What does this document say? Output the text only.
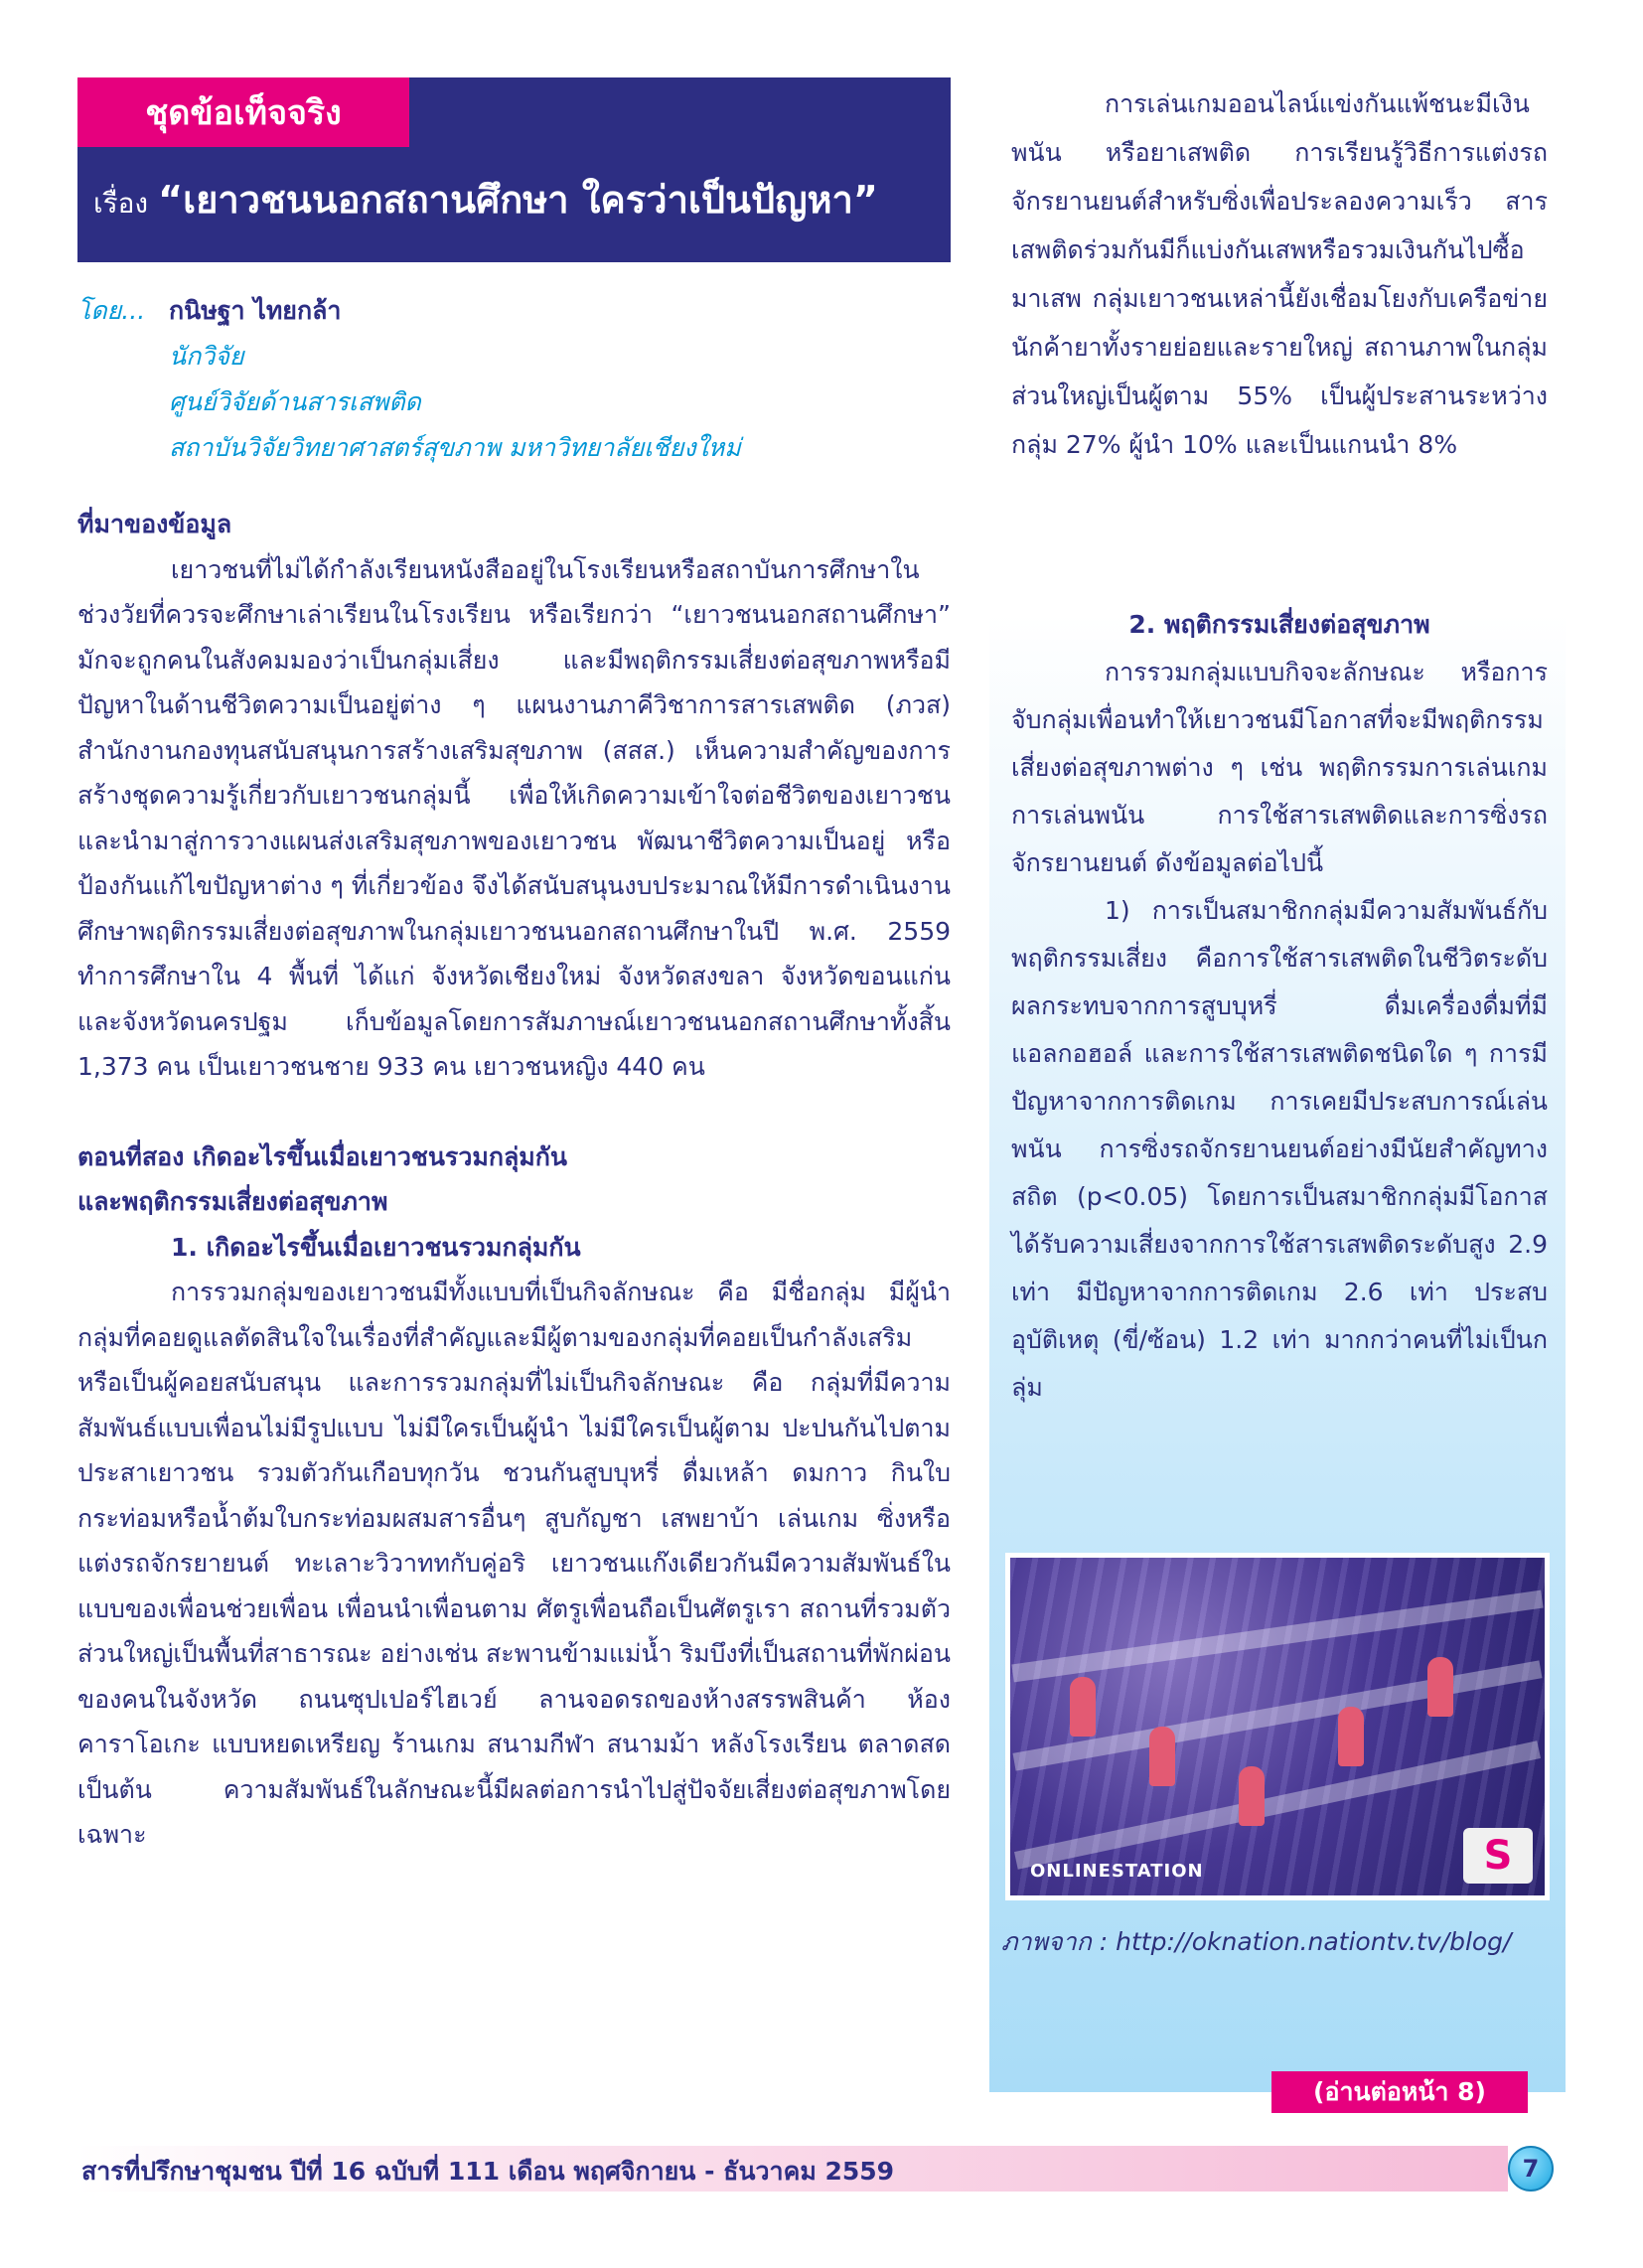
ชุดข้อเท็จจริง
เรื่อง “เยาวชนนอกสถานศึกษา ใครว่าเป็นปัญหา”
โดย... กนิษฐา ไทยกล้า
นักวิจัย
ศูนย์วิจัยด้านสารเสพติด
สถาบันวิจัยวิทยาศาสตร์สุขภาพ มหาวิทยาลัยเชียงใหม่

ที่มาของข้อมูล

เยาวชนที่ไม่ได้กำลังเรียนหนังสืออยู่ในโรงเรียนหรือสถาบันการศึกษาในช่วงวัยที่ควรจะศึกษาเล่าเรียนในโรงเรียน หรือเรียกว่า “เยาวชนนอกสถานศึกษา” มักจะถูกคนในสังคมมองว่าเป็นกลุ่มเสี่ยง และมีพฤติกรรมเสี่ยงต่อสุขภาพหรือมีปัญหาในด้านชีวิตความเป็นอยู่ต่าง ๆ แผนงานภาคีวิชาการสารเสพติด (ภวส) สำนักงานกองทุนสนับสนุนการสร้างเสริมสุขภาพ (สสส.) เห็นความสำคัญของการสร้างชุดความรู้เกี่ยวกับเยาวชนกลุ่มนี้ เพื่อให้เกิดความเข้าใจต่อชีวิตของเยาวชน และนำมาสู่การวางแผนส่งเสริมสุขภาพของเยาวชน พัฒนาชีวิตความเป็นอยู่ หรือป้องกันแก้ไขปัญหาต่าง ๆ ที่เกี่ยวข้อง จึงได้สนับสนุนงบประมาณให้มีการดำเนินงานศึกษาพฤติกรรมเสี่ยงต่อสุขภาพในกลุ่มเยาวชนนอกสถานศึกษาในปี พ.ศ. 2559 ทำการศึกษาใน 4 พื้นที่ ได้แก่ จังหวัดเชียงใหม่ จังหวัดสงขลา จังหวัดขอนแก่น และจังหวัดนครปฐม เก็บข้อมูลโดยการสัมภาษณ์เยาวชนนอกสถานศึกษาทั้งสิ้น 1,373 คน เป็นเยาวชนชาย 933 คน เยาวชนหญิง 440 คน

ตอนที่สอง เกิดอะไรขึ้นเมื่อเยาวชนรวมกลุ่มกัน

และพฤติกรรมเสี่ยงต่อสุขภาพ

1. เกิดอะไรขึ้นเมื่อเยาวชนรวมกลุ่มกัน

การรวมกลุ่มของเยาวชนมีทั้งแบบที่เป็นกิจลักษณะ คือ มีชื่อกลุ่ม มีผู้นำกลุ่มที่คอยดูแลตัดสินใจในเรื่องที่สำคัญและมีผู้ตามของกลุ่มที่คอยเป็นกำลังเสริมหรือเป็นผู้คอยสนับสนุน และการรวมกลุ่มที่ไม่เป็นกิจลักษณะ คือ กลุ่มที่มีความสัมพันธ์แบบเพื่อนไม่มีรูปแบบ ไม่มีใครเป็นผู้นำ ไม่มีใครเป็นผู้ตาม ปะปนกันไปตามประสาเยาวชน รวมตัวกันเกือบทุกวัน ชวนกันสูบบุหรี่ ดื่มเหล้า ดมกาว กินใบกระท่อมหรือน้ำต้มใบกระท่อมผสมสารอื่นๆ สูบกัญชา เสพยาบ้า เล่นเกม ซิ่งหรือแต่งรถจักรยายนต์ ทะเลาะวิวาททกับคู่อริ เยาวชนแก๊งเดียวกันมีความสัมพันธ์ในแบบของเพื่อนช่วยเพื่อน เพื่อนนำเพื่อนตาม ศัตรูเพื่อนถือเป็นศัตรูเรา สถานที่รวมตัวส่วนใหญ่เป็นพื้นที่สาธารณะ อย่างเช่น สะพานข้ามแม่น้ำ ริมบึงที่เป็นสถานที่พักผ่อนของคนในจังหวัด ถนนซุปเปอร์ไฮเวย์ ลานจอดรถของห้างสรรพสินค้า ห้องคาราโอเกะ แบบหยดเหรียญ ร้านเกม สนามกีฬา สนามม้า หลังโรงเรียน ตลาดสด เป็นต้น ความสัมพันธ์ในลักษณะนี้มีผลต่อการนำไปสู่ปัจจัยเสี่ยงต่อสุขภาพโดยเฉพาะ

การเล่นเกมออนไลน์แข่งกันแพ้ชนะมีเงินพนัน หรือยาเสพติด การเรียนรู้วิธีการแต่งรถจักรยานยนต์สำหรับซิ่งเพื่อประลองความเร็ว สารเสพติดร่วมกันมีก็แบ่งกันเสพหรือรวมเงินกันไปซื้อมาเสพ กลุ่มเยาวชนเหล่านี้ยังเชื่อมโยงกับเครือข่ายนักค้ายาทั้งรายย่อยและรายใหญ่ สถานภาพในกลุ่มส่วนใหญ่เป็นผู้ตาม 55% เป็นผู้ประสานระหว่างกลุ่ม 27% ผู้นำ 10% และเป็นแกนนำ 8%

2. พฤติกรรมเสี่ยงต่อสุขภาพ

การรวมกลุ่มแบบกิจจะลักษณะ หรือการจับกลุ่มเพื่อนทำให้เยาวชนมีโอกาสที่จะมีพฤติกรรมเสี่ยงต่อสุขภาพต่าง ๆ เช่น พฤติกรรมการเล่นเกม การเล่นพนัน การใช้สารเสพติดและการซิ่งรถจักรยานยนต์ ดังข้อมูลต่อไปนี้

1) การเป็นสมาชิกกลุ่มมีความสัมพันธ์กับพฤติกรรมเสี่ยง คือการใช้สารเสพติดในชีวิตระดับผลกระทบจากการสูบบุหรี่ ดื่มเครื่องดื่มที่มีแอลกอฮอล์ และการใช้สารเสพติดชนิดใด ๆ การมีปัญหาจากการติดเกม การเคยมีประสบการณ์เล่นพนัน การซิ่งรถจักรยานยนต์อย่างมีนัยสำคัญทางสถิต (p<0.05) โดยการเป็นสมาชิกกลุ่มมีโอกาสได้รับความเสี่ยงจากการใช้สารเสพติดระดับสูง 2.9 เท่า มีปัญหาจากการติดเกม 2.6 เท่า ประสบอุบัติเหตุ (ขี่/ซ้อน) 1.2 เท่า มากกว่าคนที่ไม่เป็นกลุ่ม

ONLINESTATION	S
ภาพจาก : http://oknation.nationtv.tv/blog/
(อ่านต่อหน้า 8)
สารที่ปรึกษาชุมชน ปีที่ 16 ฉบับที่ 111 เดือน พฤศจิกายน - ธันวาคม 2559	7
